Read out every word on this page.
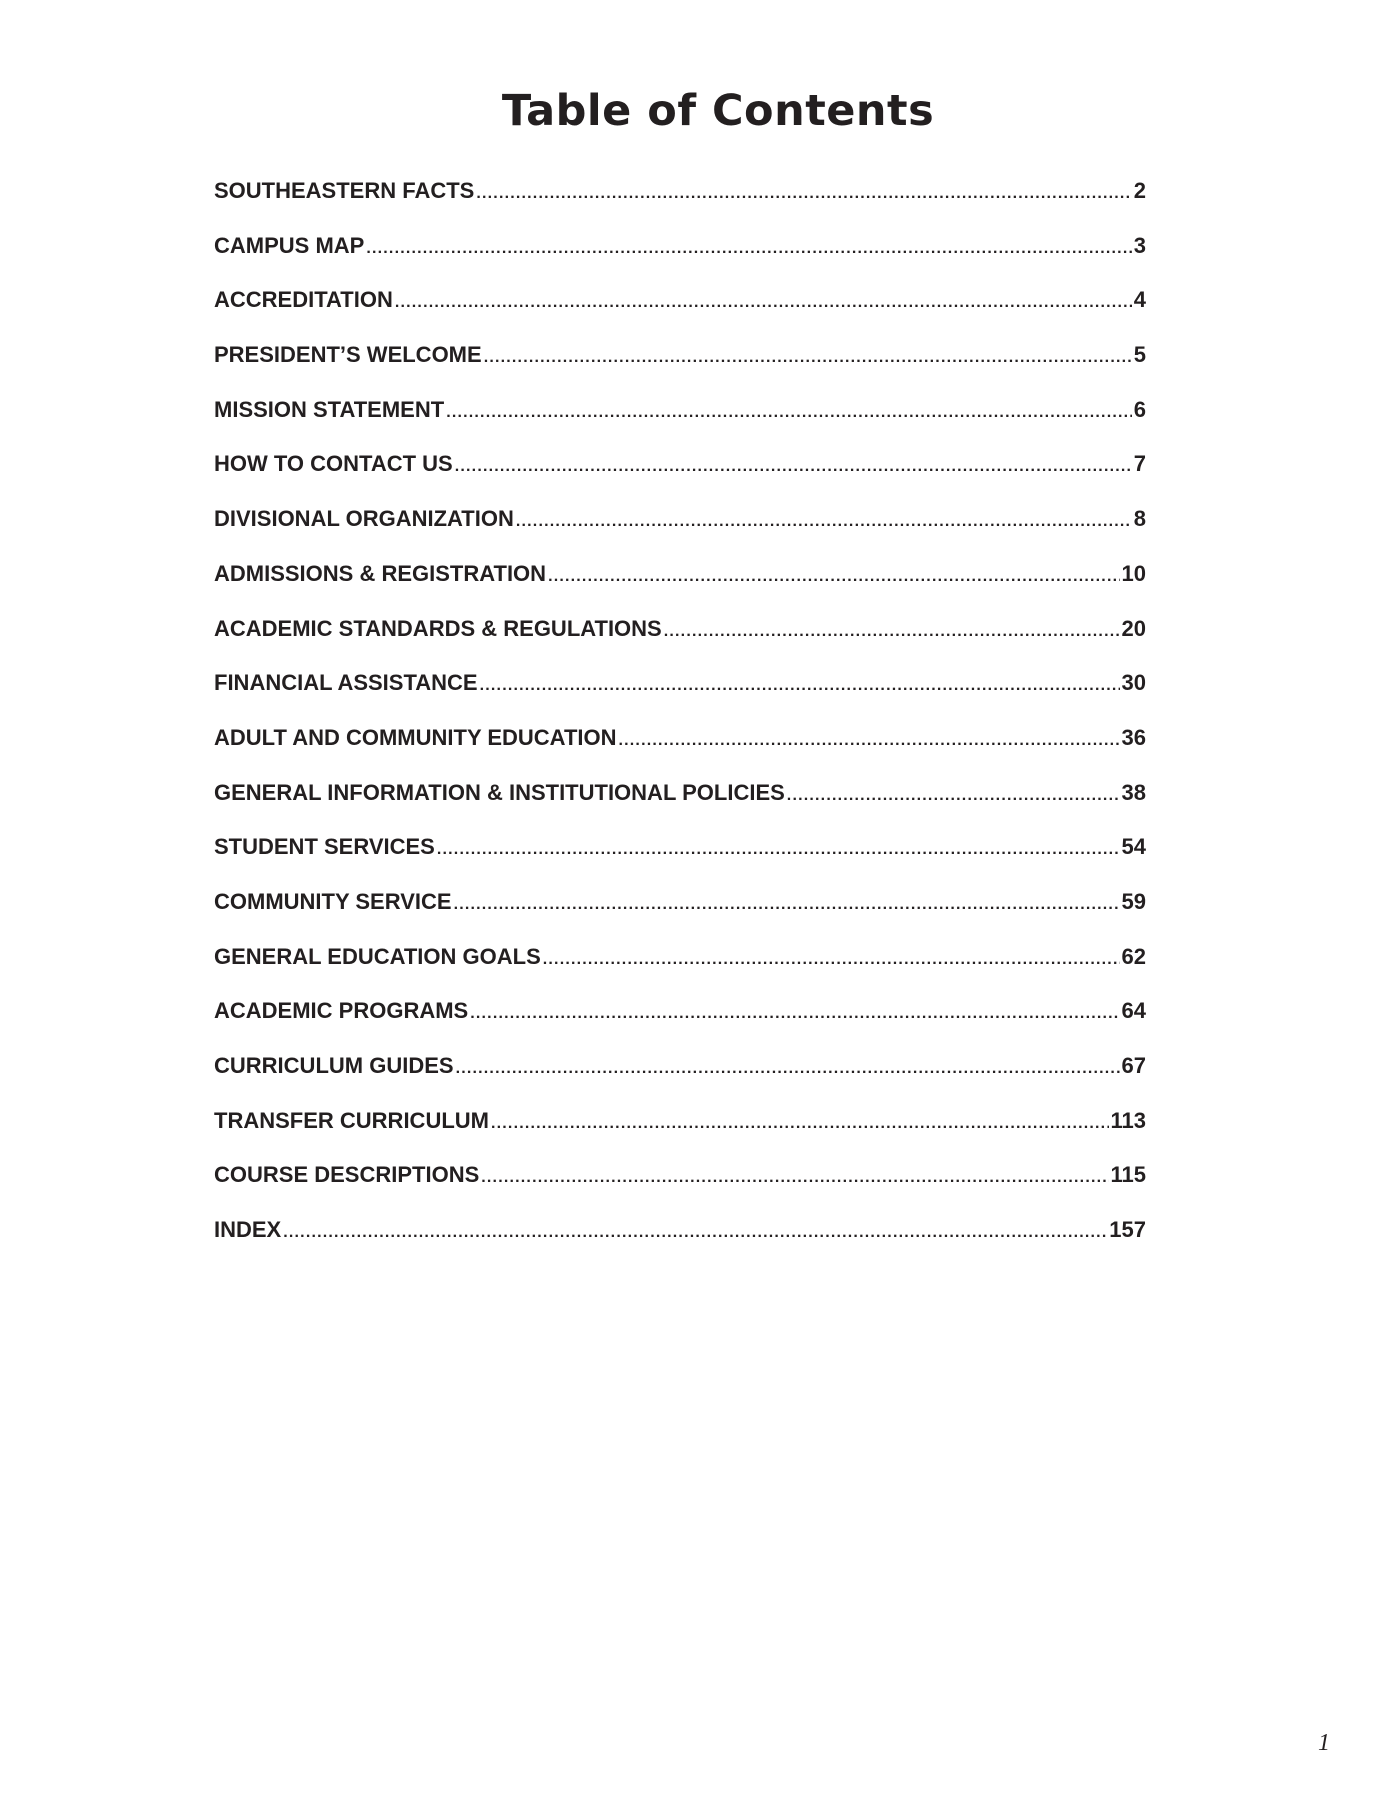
Table of Contents
SOUTHEASTERN FACTS .....	2
CAMPUS MAP .....	3
ACCREDITATION .....	4
PRESIDENT’S WELCOME .....	5
MISSION STATEMENT .....	6
HOW TO CONTACT US .....	7
DIVISIONAL ORGANIZATION .....	8
ADMISSIONS & REGISTRATION .....	10
ACADEMIC STANDARDS & REGULATIONS .....	20
FINANCIAL ASSISTANCE .....	30
ADULT AND COMMUNITY EDUCATION .....	36
GENERAL INFORMATION & INSTITUTIONAL POLICIES .....	38
STUDENT SERVICES .....	54
COMMUNITY SERVICE .....	59
GENERAL EDUCATION GOALS .....	62
ACADEMIC PROGRAMS .....	64
CURRICULUM GUIDES .....	67
TRANSFER CURRICULUM .....	113
COURSE DESCRIPTIONS .....	115
INDEX .....	157
1
